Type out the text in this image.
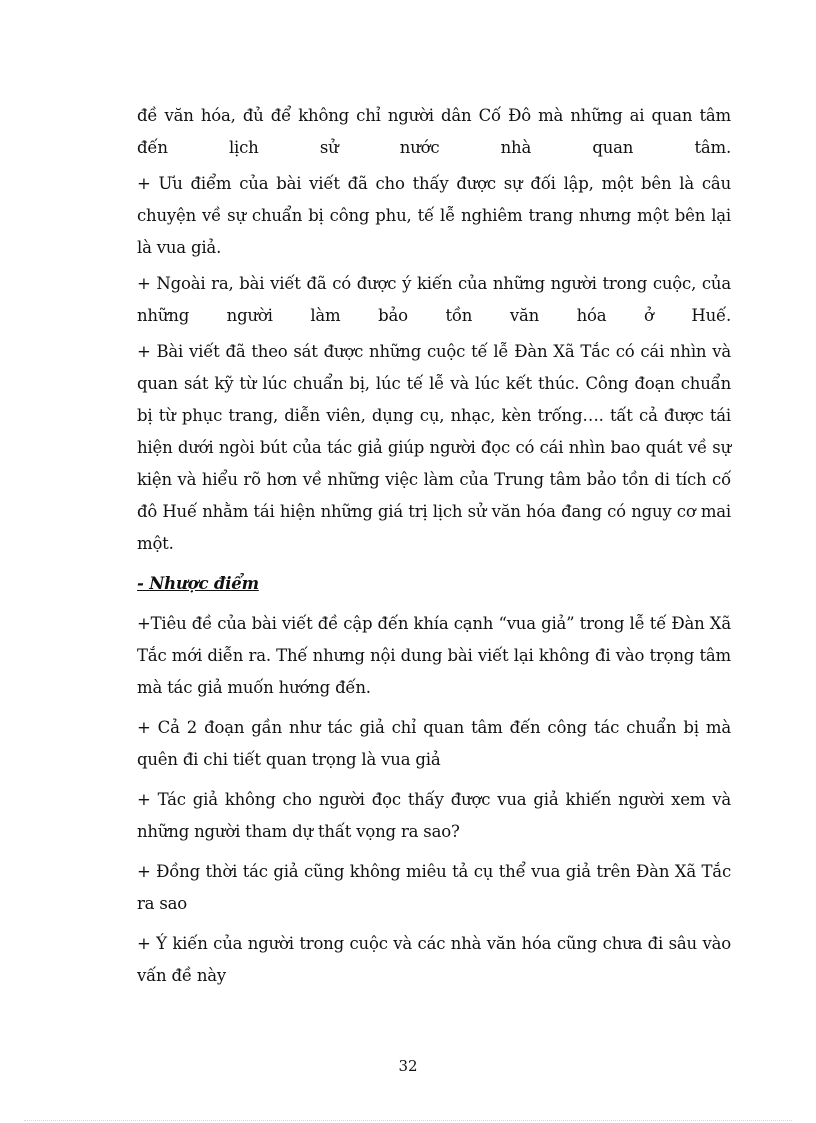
đề văn hóa, đủ để không chỉ người dân Cố Đô mà những ai quan tâm đến lịch sử nước nhà quan tâm.

+ Ưu điểm của bài viết đã cho thấy được sự đối lập, một bên là câu chuyện về sự chuẩn bị công phu, tế lễ nghiêm trang nhưng một bên lại là vua giả.

+ Ngoài ra, bài viết đã có được ý kiến của những người trong cuộc, của những người làm bảo tồn văn hóa ở Huế.

+ Bài viết đã theo sát được những cuộc tế lễ Đàn Xã Tắc có cái nhìn và quan sát kỹ từ lúc chuẩn bị, lúc tế lễ và lúc kết thúc. Công đoạn chuẩn bị từ phục trang, diễn viên, dụng cụ, nhạc, kèn trống…. tất cả được tái hiện dưới ngòi bút của tác giả giúp người đọc có cái nhìn bao quát về sự kiện và hiểu rõ hơn về những việc làm của Trung tâm bảo tồn di tích cố đô Huế nhằm tái hiện những giá trị lịch sử văn hóa đang có nguy cơ mai một.

- Nhược điểm

+Tiêu đề của bài viết đề cập đến khía cạnh “vua giả” trong lễ tế Đàn Xã Tắc mới diễn ra. Thế nhưng nội dung bài viết lại không đi vào trọng tâm mà tác giả muốn hướng đến.

+ Cả 2 đoạn gần như tác giả chỉ quan tâm đến công tác chuẩn bị mà quên đi chi tiết quan trọng là vua giả

+ Tác giả không cho người đọc thấy được vua giả khiến người xem và những người tham dự thất vọng ra sao?

+ Đồng thời tác giả cũng không miêu tả cụ thể vua giả trên Đàn Xã Tắc ra sao

+ Ý kiến của người trong cuộc và các nhà văn hóa cũng chưa đi sâu vào vấn đề này

32
